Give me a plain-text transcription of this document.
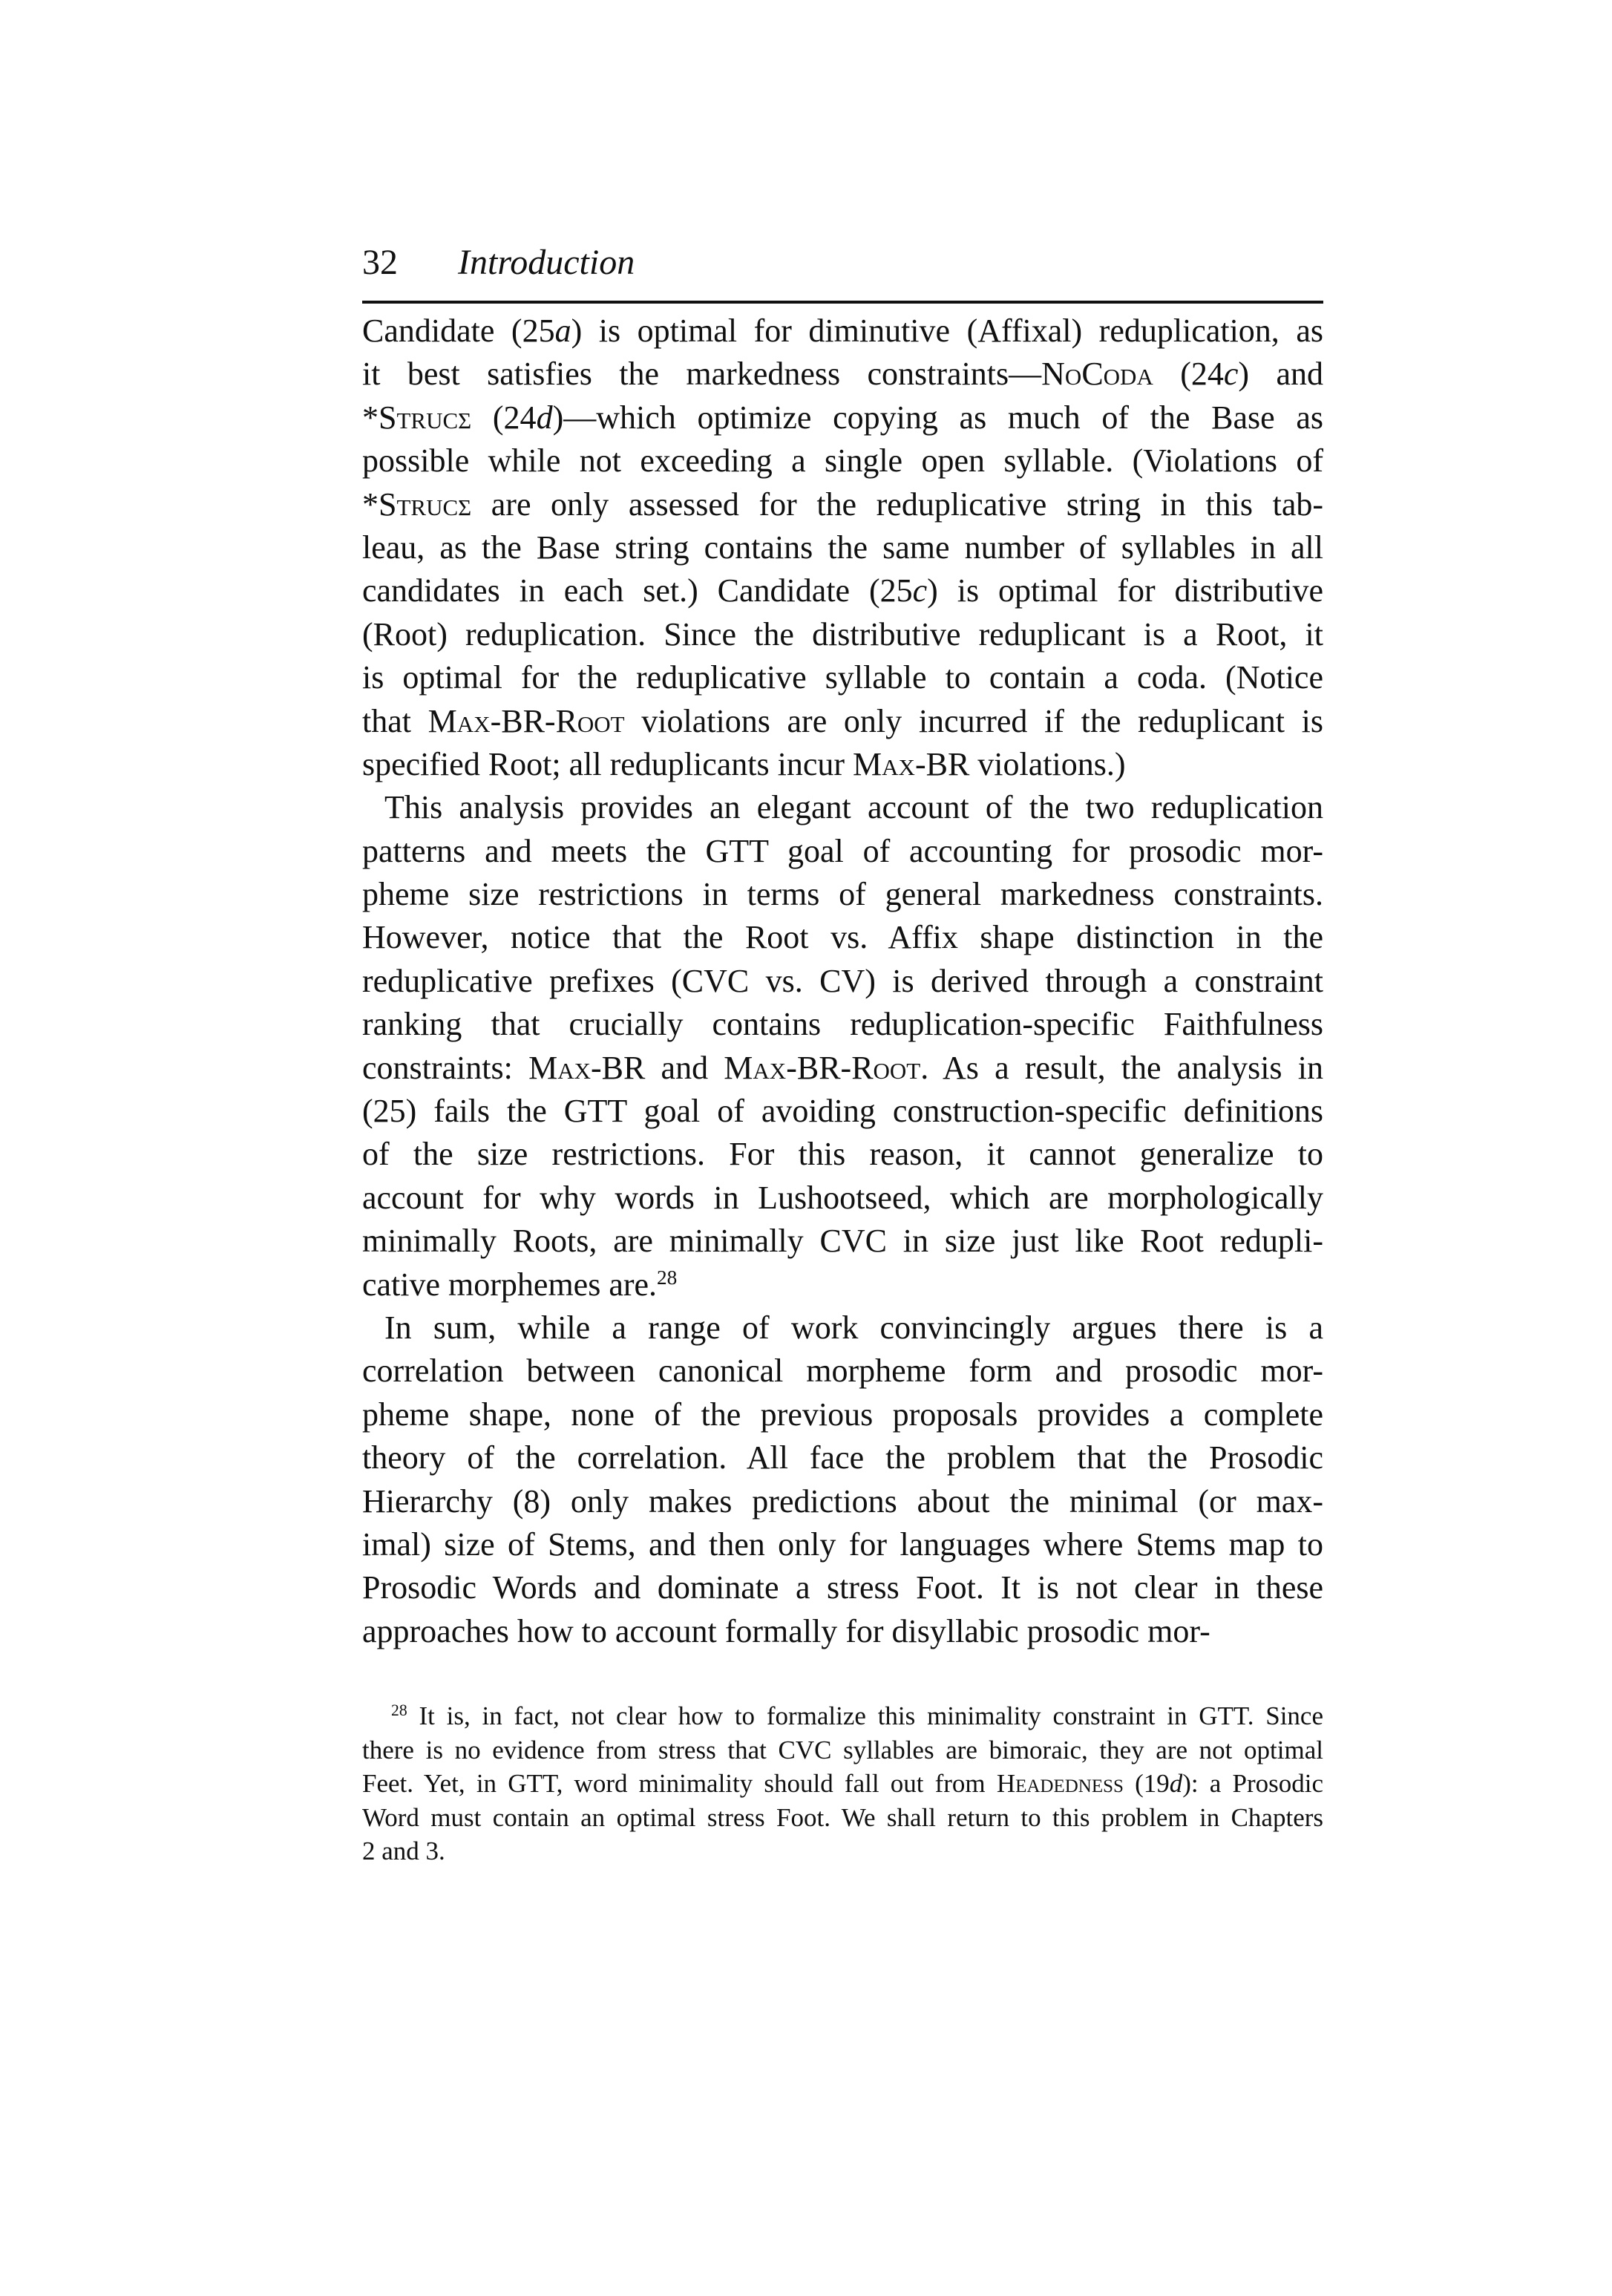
32 Introduction
Candidate (25a) is optimal for diminutive (Affixal) reduplication, as
it best satisfies the markedness constraints—NoCoda (24c) and
*Strucσ (24d)—which optimize copying as much of the Base as
possible while not exceeding a single open syllable. (Violations of
*Strucσ are only assessed for the reduplicative string in this tab-
leau, as the Base string contains the same number of syllables in all
candidates in each set.) Candidate (25c) is optimal for distributive
(Root) reduplication. Since the distributive reduplicant is a Root, it
is optimal for the reduplicative syllable to contain a coda. (Notice
that Max-BR-Root violations are only incurred if the reduplicant is
specified Root; all reduplicants incur Max-BR violations.)
This analysis provides an elegant account of the two reduplication
patterns and meets the GTT goal of accounting for prosodic mor-
pheme size restrictions in terms of general markedness constraints.
However, notice that the Root vs. Affix shape distinction in the
reduplicative prefixes (CVC vs. CV) is derived through a constraint
ranking that crucially contains reduplication-specific Faithfulness
constraints: Max-BR and Max-BR-Root. As a result, the analysis in
(25) fails the GTT goal of avoiding construction-specific definitions
of the size restrictions. For this reason, it cannot generalize to
account for why words in Lushootseed, which are morphologically
minimally Roots, are minimally CVC in size just like Root redupli-
cative morphemes are.$^{28}$
In sum, while a range of work convincingly argues there is a
correlation between canonical morpheme form and prosodic mor-
pheme shape, none of the previous proposals provides a complete
theory of the correlation. All face the problem that the Prosodic
Hierarchy (8) only makes predictions about the minimal (or max-
imal) size of Stems, and then only for languages where Stems map to
Prosodic Words and dominate a stress Foot. It is not clear in these
approaches how to account formally for disyllabic prosodic mor-
$^{28}$ It is, in fact, not clear how to formalize this minimality constraint in GTT. Since
there is no evidence from stress that CVC syllables are bimoraic, they are not optimal
Feet. Yet, in GTT, word minimality should fall out from Headedness (19d): a Prosodic
Word must contain an optimal stress Foot. We shall return to this problem in Chapters
2 and 3.
